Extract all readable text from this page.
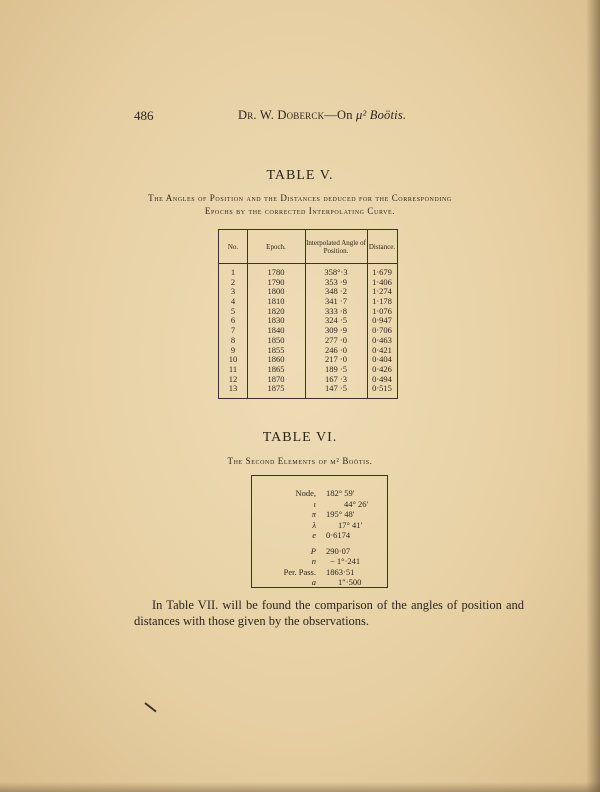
486	Dr. W. Doberck—On μ² Boötis.
TABLE V.
The Angles of Position and the Distances deduced for the Corresponding
Epochs by the corrected Interpolating Curve.
No.	Epoch.	Interpolated Angle of Position.	Distance.
1	1780	358°·3	1·679
2	1790	353 ·9	1·406
3	1800	348 ·2	1·274
4	1810	341 ·7	1·178
5	1820	333 ·8	1·076
6	1830	324 ·5	0·947
7	1840	309 ·9	0·706
8	1850	277 ·0	0·463
9	1855	246 ·0	0·421
10	1860	217 ·0	0·404
11	1865	189 ·5	0·426
12	1870	167 ·3	0·494
13	1875	147 ·5	0·515
TABLE VI.
The Second Elements of μ² Boötis.
Node, 182° 59′
ι	44° 26′
π 195° 48′
λ	17° 41′
e 0·6174
P 290·07
n − 1°·241
Per. Pass. 1863·51
a	1″·500
In Table VII. will be found the comparison of the angles of position and distances with those given by the observations.
